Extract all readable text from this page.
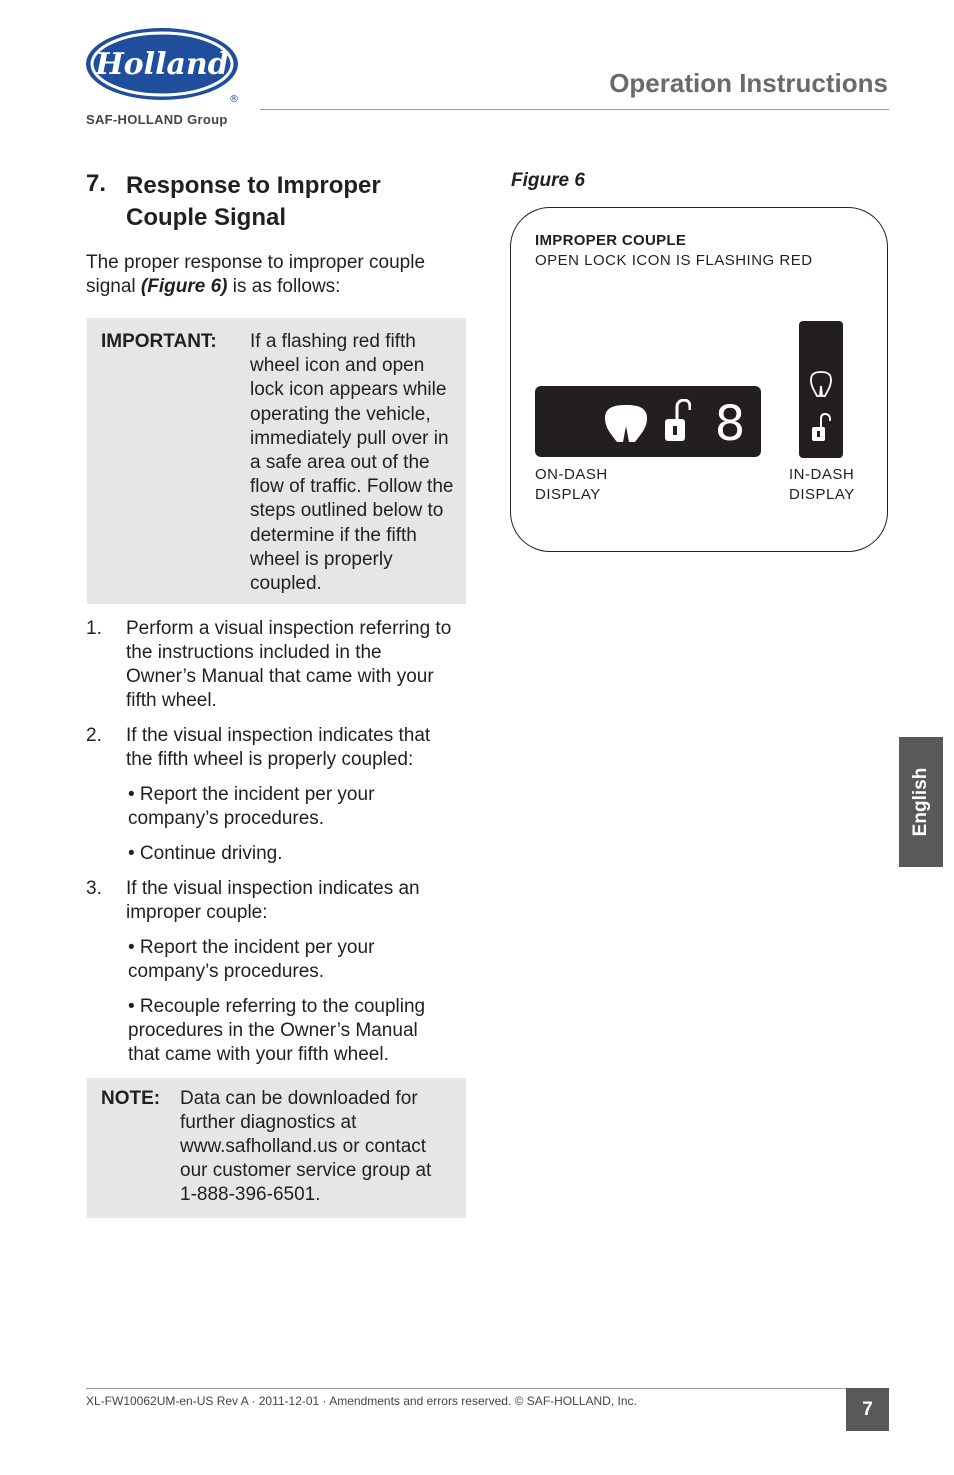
Holland
®
SAF-HOLLAND Group
Operation Instructions
7. Response to Improper Couple Signal
The proper response to improper couple signal (Figure 6) is as follows:
IMPORTANT: If a flashing red fifth wheel icon and open lock icon appears while operating the vehicle, immediately pull over in a safe area out of the flow of traffic. Follow the steps outlined below to determine if the fifth wheel is properly coupled.
1. Perform a visual inspection referring to the instructions included in the Owner’s Manual that came with your fifth wheel.
2. If the visual inspection indicates that the fifth wheel is properly coupled:
• Report the incident per your company’s procedures.
• Continue driving.
3. If the visual inspection indicates an improper couple:
• Report the incident per your company’s procedures.
• Recouple referring to the coupling procedures in the Owner’s Manual that came with your fifth wheel.
NOTE: Data can be downloaded for further diagnostics at www.safholland.us or contact our customer service group at 1-888-396-6501.
Figure 6
IMPROPER COUPLE
OPEN LOCK ICON IS FLASHING RED
8
ON-DASH
DISPLAY
IN-DASH
DISPLAY
English
XL-FW10062UM-en-US Rev A · 2011-12-01 · Amendments and errors reserved. © SAF-HOLLAND, Inc.	7
